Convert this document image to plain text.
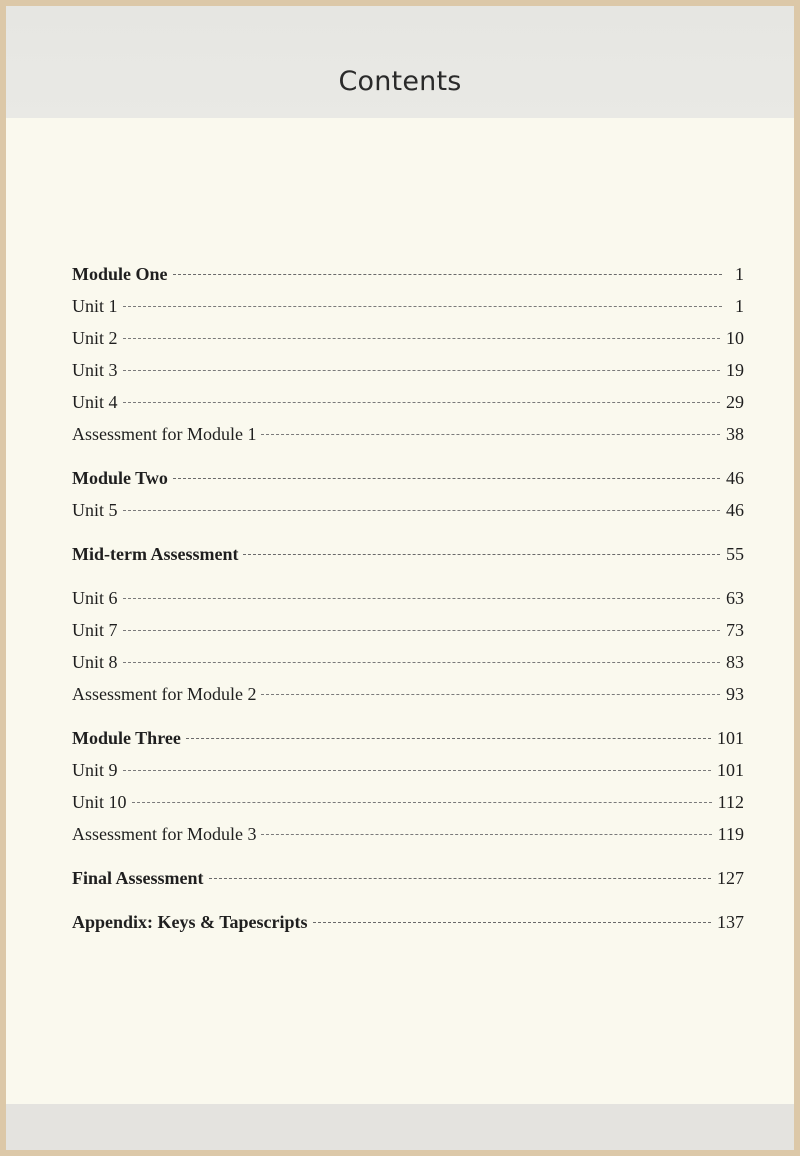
Contents
Module One	1
Unit 1	1
Unit 2	10
Unit 3	19
Unit 4	29
Assessment for Module 1	38
Module Two	46
Unit 5	46
Mid-term Assessment	55
Unit 6	63
Unit 7	73
Unit 8	83
Assessment for Module 2	93
Module Three	101
Unit 9	101
Unit 10	112
Assessment for Module 3	119
Final Assessment	127
Appendix: Keys & Tapescripts	137
